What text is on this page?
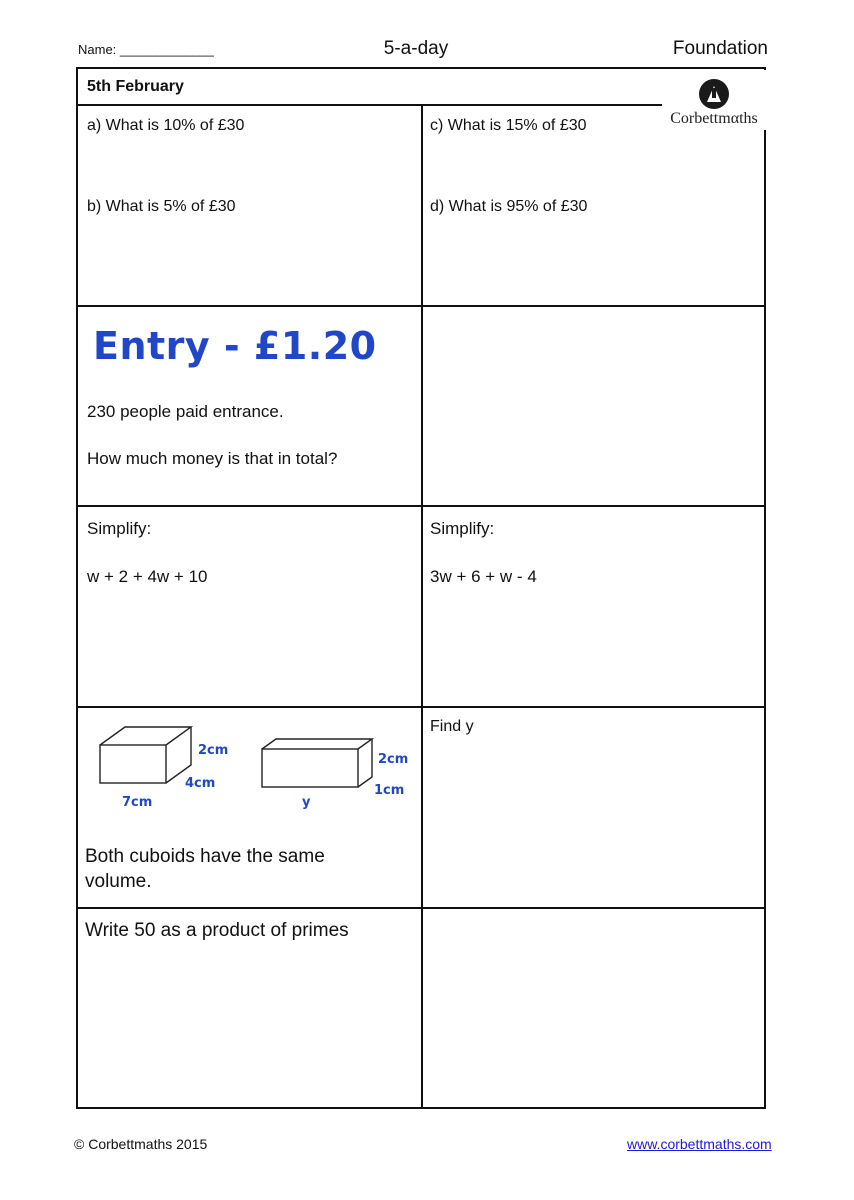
Name: _____________	5-a-day	Foundation
5th February
a) What is 10% of £30
b) What is 5% of £30
c) What is 15% of £30
d) What is 95% of £30
Entry - £1.20
230 people paid entrance.
How much money is that in total?
Simplify:
w + 2 + 4w + 10
Simplify:
3w + 6 + w - 4
2cm
4cm
7cm
2cm
1cm
y
Both cuboids have the same
volume.
Find y
Write 50 as a product of primes
Corbettmαths
© Corbettmaths 2015	www.corbettmaths.com
